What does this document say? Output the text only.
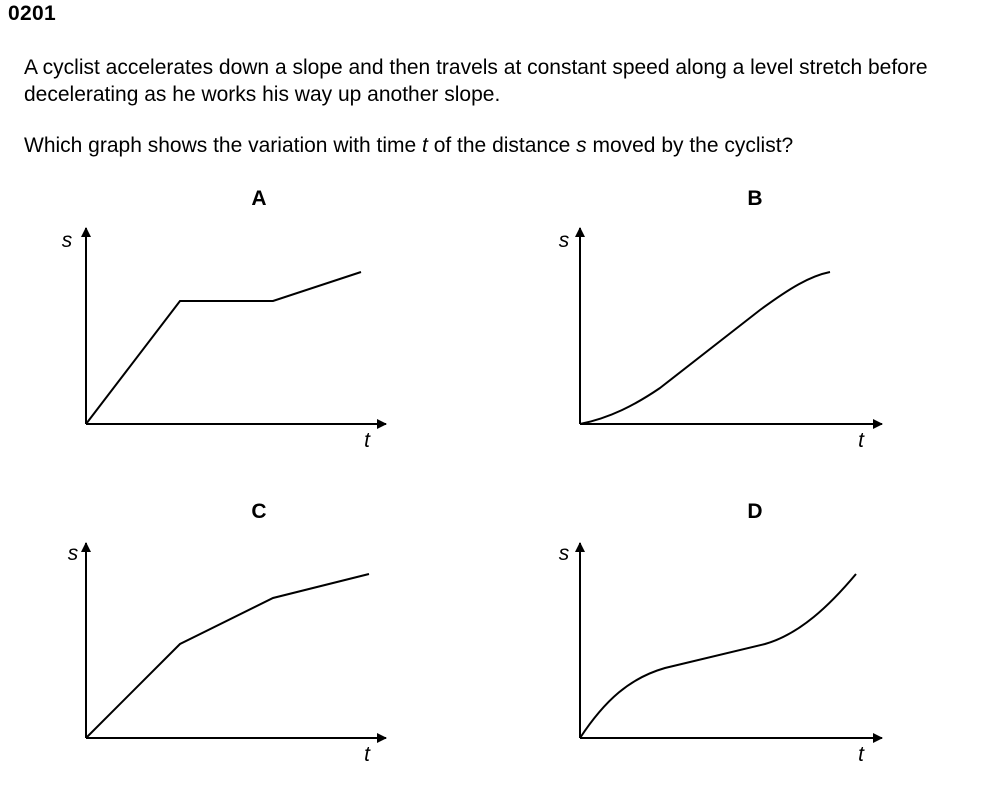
0201

A cyclist accelerates down a slope and then travels at constant speed along a level stretch before
decelerating as he works his way up another slope.

Which graph shows the variation with time t of the distance s moved by the cyclist?

A
s
t
B
s
t
C
s
t
D
s
t
